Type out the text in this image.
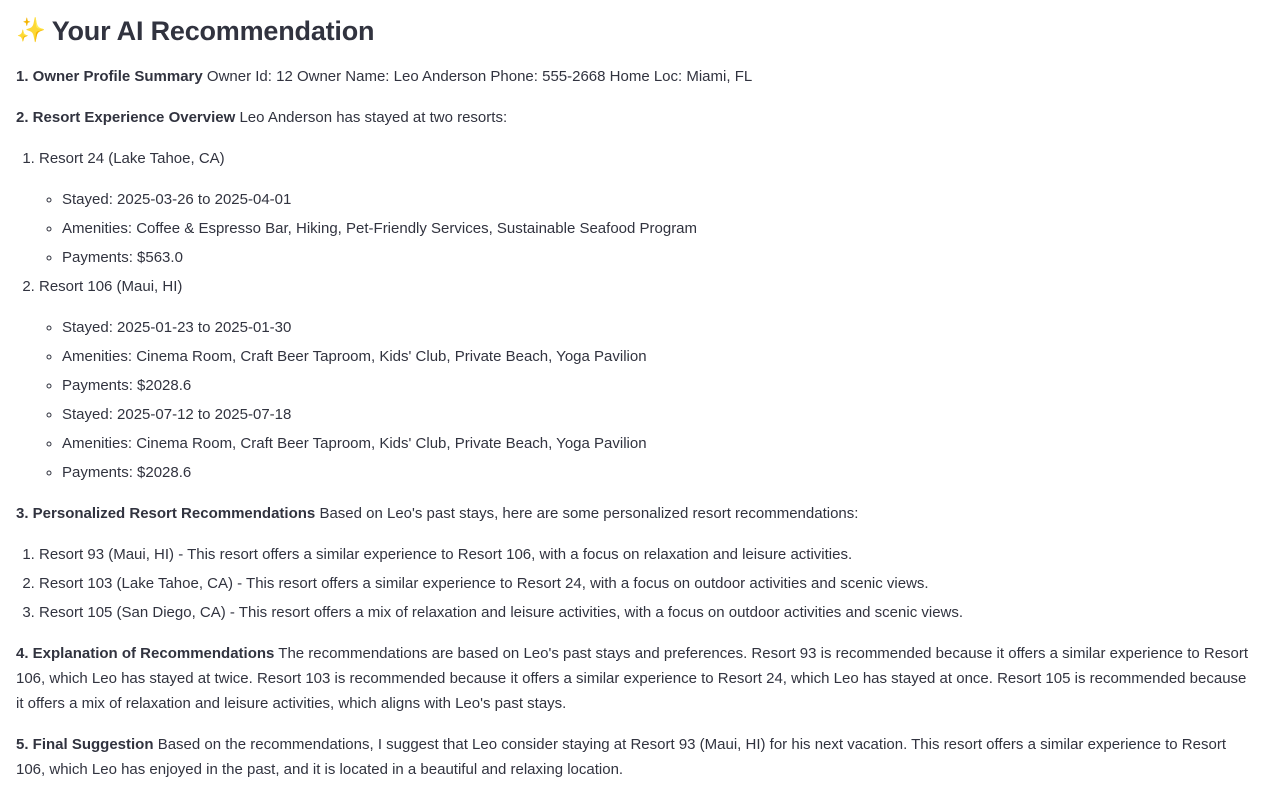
✨ Your AI Recommendation

1. Owner Profile Summary Owner Id: 12 Owner Name: Leo Anderson Phone: 555-2668 Home Loc: Miami, FL

2. Resort Experience Overview Leo Anderson has stayed at two resorts:

1. Resort 24 (Lake Tahoe, CA)
◦ Stayed: 2025-03-26 to 2025-04-01
◦ Amenities: Coffee & Espresso Bar, Hiking, Pet-Friendly Services, Sustainable Seafood Program
◦ Payments: $563.0
2. Resort 106 (Maui, HI)
◦ Stayed: 2025-01-23 to 2025-01-30
◦ Amenities: Cinema Room, Craft Beer Taproom, Kids' Club, Private Beach, Yoga Pavilion
◦ Payments: $2028.6
◦ Stayed: 2025-07-12 to 2025-07-18
◦ Amenities: Cinema Room, Craft Beer Taproom, Kids' Club, Private Beach, Yoga Pavilion
◦ Payments: $2028.6

3. Personalized Resort Recommendations Based on Leo's past stays, here are some personalized resort recommendations:

1. Resort 93 (Maui, HI) - This resort offers a similar experience to Resort 106, with a focus on relaxation and leisure activities.
2. Resort 103 (Lake Tahoe, CA) - This resort offers a similar experience to Resort 24, with a focus on outdoor activities and scenic views.
3. Resort 105 (San Diego, CA) - This resort offers a mix of relaxation and leisure activities, with a focus on outdoor activities and scenic views.

4. Explanation of Recommendations The recommendations are based on Leo's past stays and preferences. Resort 93 is recommended because it offers a similar experience to Resort 106, which Leo has stayed at twice. Resort 103 is recommended because it offers a similar experience to Resort 24, which Leo has stayed at once. Resort 105 is recommended because it offers a mix of relaxation and leisure activities, which aligns with Leo's past stays.

5. Final Suggestion Based on the recommendations, I suggest that Leo consider staying at Resort 93 (Maui, HI) for his next vacation. This resort offers a similar experience to Resort 106, which Leo has enjoyed in the past, and it is located in a beautiful and relaxing location.
